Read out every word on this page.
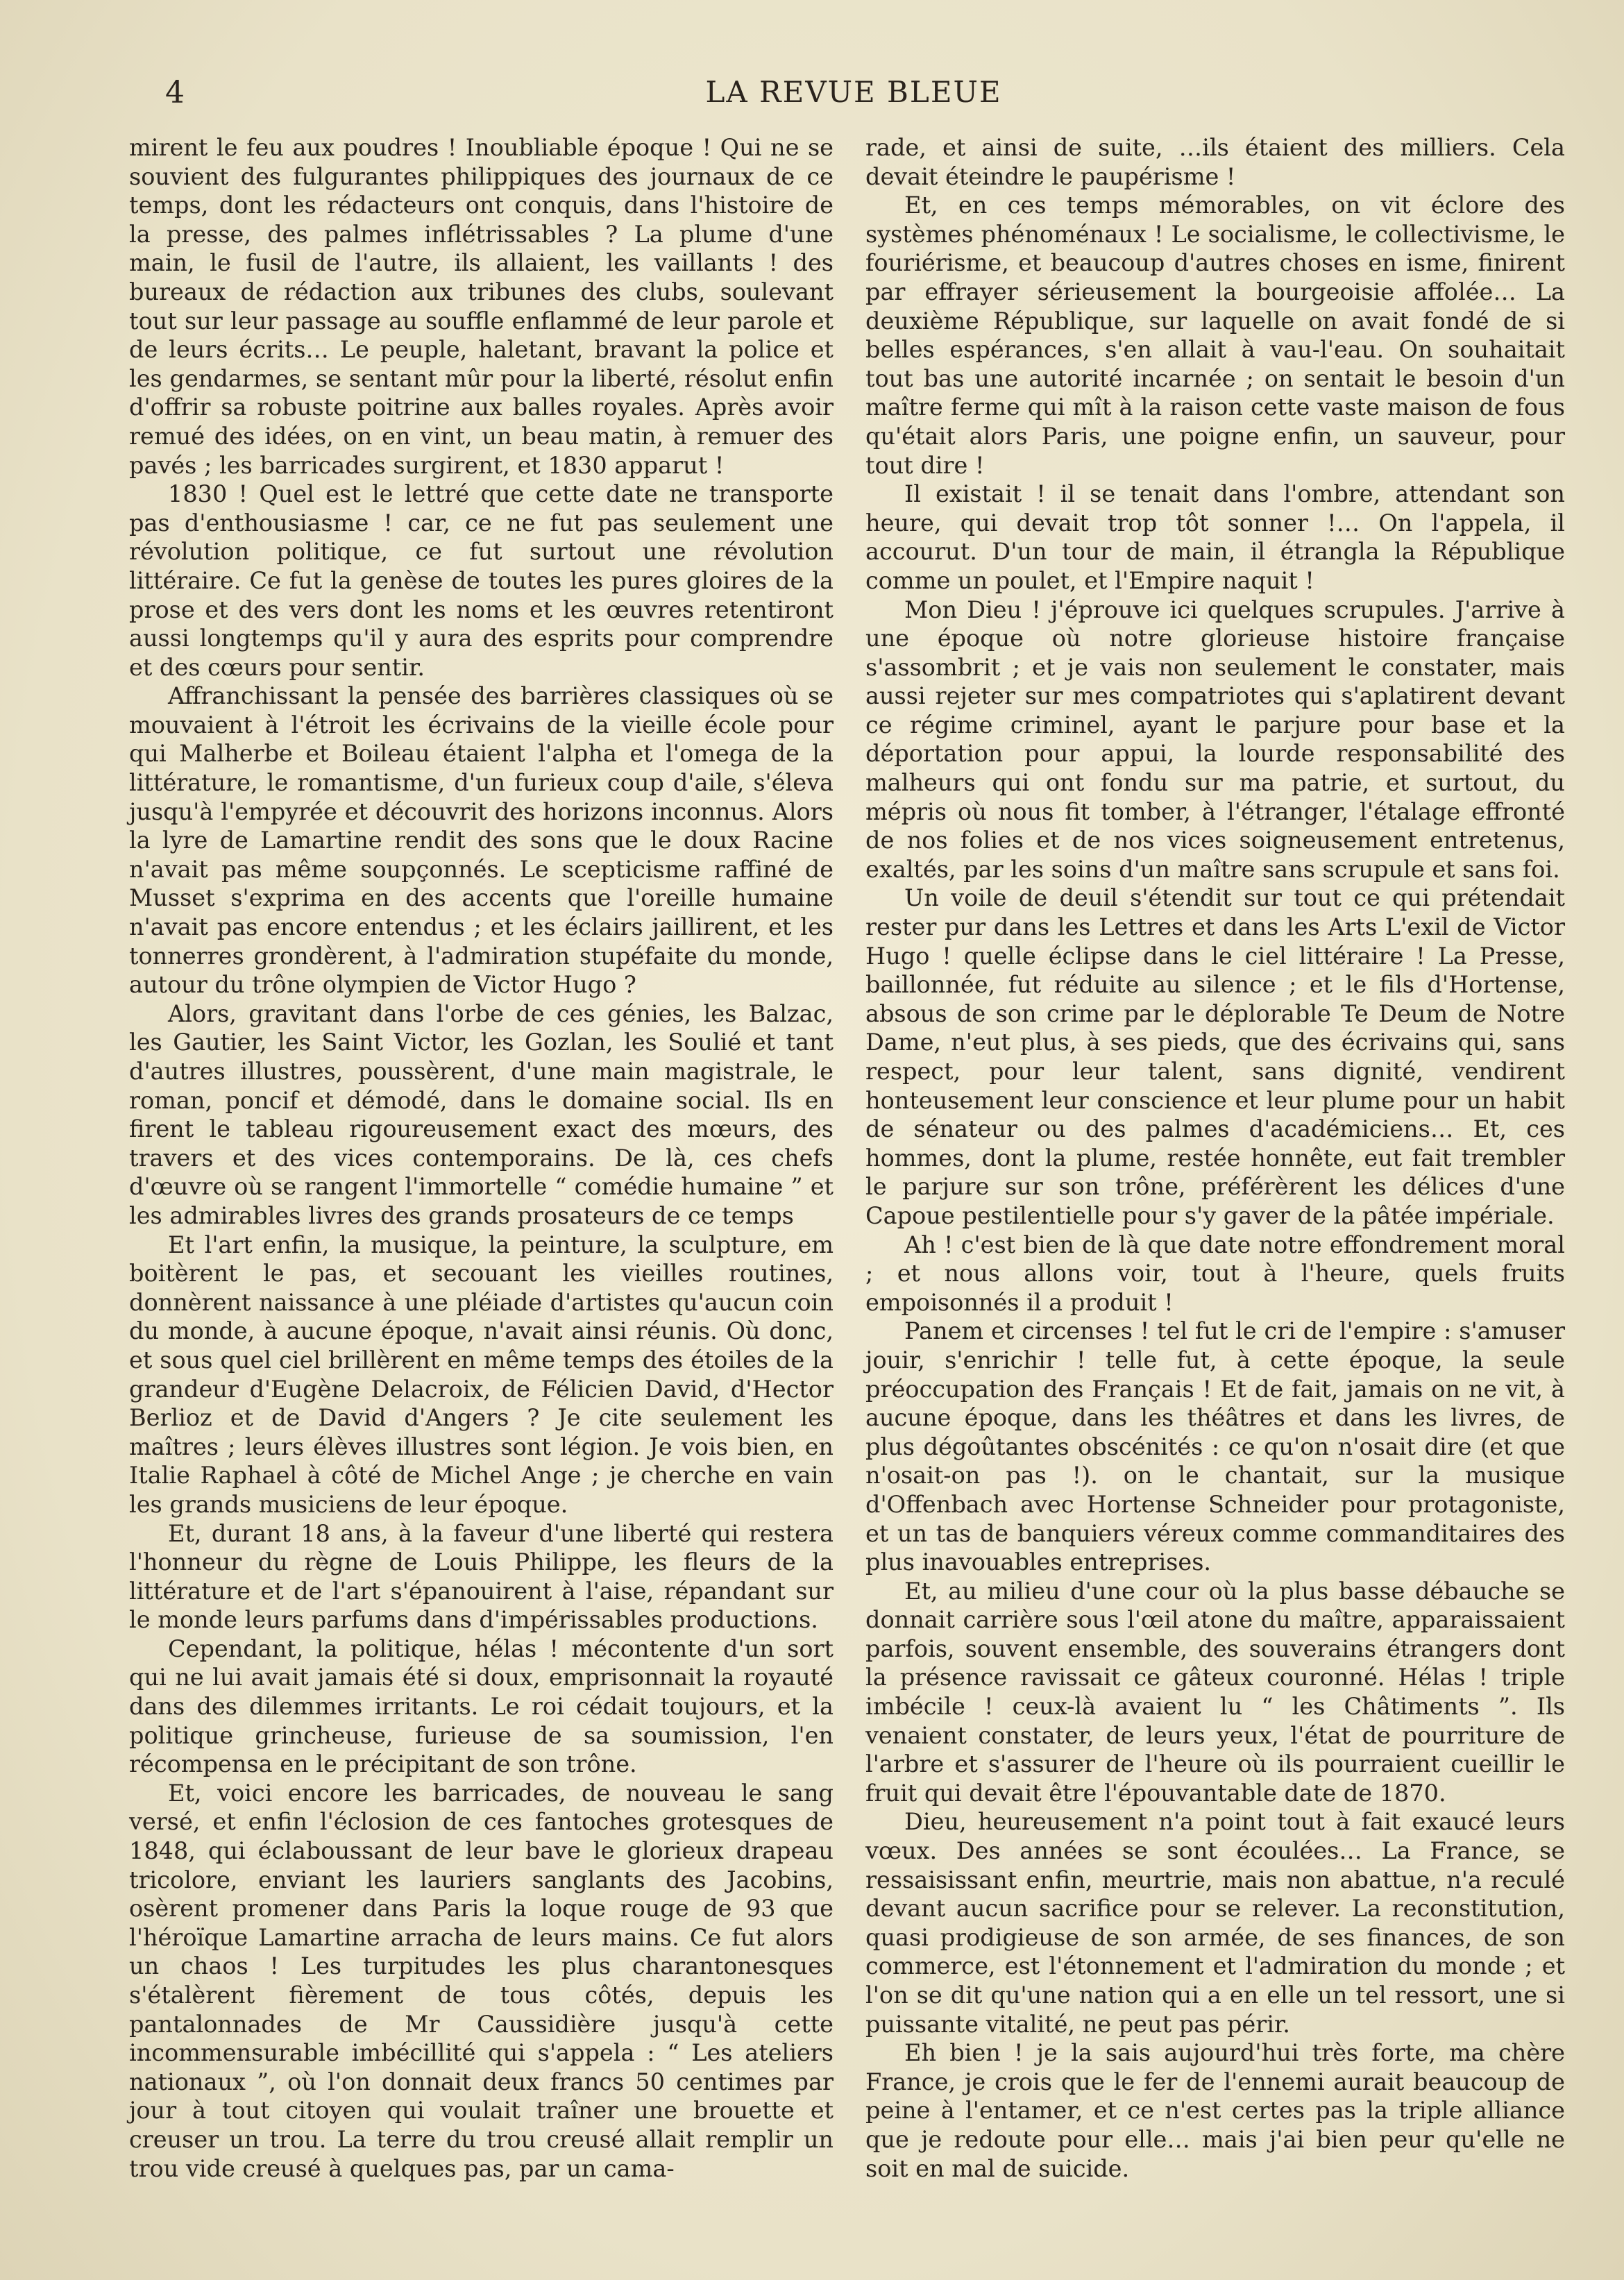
4	LA REVUE BLEUE

mirent le feu aux poudres ! Inoubliable époque ! Qui ne se souvient des fulgurantes philippiques des journaux de ce temps, dont les rédacteurs ont conquis, dans l'histoire de la presse, des palmes inflétrissables ? La plume d'une main, le fusil de l'autre, ils allaient, les vaillants ! des bureaux de rédaction aux tribunes des clubs, soulevant tout sur leur passage au souffle enflammé de leur parole et de leurs écrits… Le peuple, haletant, bravant la police et les gendarmes, se sentant mûr pour la liberté, résolut enfin d'offrir sa robuste poitrine aux balles royales. Après avoir remué des idées, on en vint, un beau matin, à remuer des pavés ; les barricades surgirent, et 1830 apparut !

1830 ! Quel est le lettré que cette date ne transporte pas d'enthousiasme ! car, ce ne fut pas seulement une révolution politique, ce fut surtout une révolution littéraire. Ce fut la genèse de toutes les pures gloires de la prose et des vers dont les noms et les œuvres retentiront aussi longtemps qu'il y aura des esprits pour comprendre et des cœurs pour sentir.

Affranchissant la pensée des barrières classiques où se mouvaient à l'étroit les écrivains de la vieille école pour qui Malherbe et Boileau étaient l'alpha et l'omega de la littérature, le romantisme, d'un furieux coup d'aile, s'éleva jusqu'à l'empyrée et découvrit des horizons inconnus. Alors la lyre de Lamartine rendit des sons que le doux Racine n'avait pas même soupçonnés. Le scepticisme raffiné de Musset s'exprima en des accents que l'oreille humaine n'avait pas encore entendus ; et les éclairs jaillirent, et les tonnerres grondèrent, à l'admiration stupéfaite du monde, autour du trône olympien de Victor Hugo ?

Alors, gravitant dans l'orbe de ces génies, les Balzac, les Gautier, les Saint Victor, les Gozlan, les Soulié et tant d'autres illustres, poussèrent, d'une main magistrale, le roman, poncif et démodé, dans le domaine social. Ils en firent le tableau rigoureusement exact des mœurs, des travers et des vices contemporains. De là, ces chefs d'œuvre où se rangent l'immortelle “ comédie humaine ” et les admirables livres des grands prosateurs de ce temps

Et l'art enfin, la musique, la peinture, la sculpture, em boitèrent le pas, et secouant les vieilles routines, donnèrent naissance à une pléiade d'artistes qu'aucun coin du monde, à aucune époque, n'avait ainsi réunis. Où donc, et sous quel ciel brillèrent en même temps des étoiles de la grandeur d'Eugène Delacroix, de Félicien David, d'Hector Berlioz et de David d'Angers ? Je cite seulement les maîtres ; leurs élèves illustres sont légion. Je vois bien, en Italie Raphael à côté de Michel Ange ; je cherche en vain les grands musiciens de leur époque.

Et, durant 18 ans, à la faveur d'une liberté qui restera l'honneur du règne de Louis Philippe, les fleurs de la littérature et de l'art s'épanouirent à l'aise, répandant sur le monde leurs parfums dans d'impérissables productions.

Cependant, la politique, hélas ! mécontente d'un sort qui ne lui avait jamais été si doux, emprisonnait la royauté dans des dilemmes irritants. Le roi cédait toujours, et la politique grincheuse, furieuse de sa soumission, l'en récompensa en le précipitant de son trône.

Et, voici encore les barricades, de nouveau le sang versé, et enfin l'éclosion de ces fantoches grotesques de 1848, qui éclaboussant de leur bave le glorieux drapeau tricolore, enviant les lauriers sanglants des Jacobins, osèrent promener dans Paris la loque rouge de 93 que l'héroïque Lamartine arracha de leurs mains. Ce fut alors un chaos ! Les turpitudes les plus charantonesques s'étalèrent fièrement de tous côtés, depuis les pantalonnades de Mr Caussidière jusqu'à cette incommensurable imbécillité qui s'appela : “ Les ateliers nationaux ”, où l'on donnait deux francs 50 centimes par jour à tout citoyen qui voulait traîner une brouette et creuser un trou. La terre du trou creusé allait remplir un trou vide creusé à quelques pas, par un cama-

rade, et ainsi de suite, …ils étaient des milliers. Cela devait éteindre le paupérisme !

Et, en ces temps mémorables, on vit éclore des systèmes phénoménaux ! Le socialisme, le collectivisme, le fouriérisme, et beaucoup d'autres choses en isme, finirent par effrayer sérieusement la bourgeoisie affolée… La deuxième République, sur laquelle on avait fondé de si belles espérances, s'en allait à vau-l'eau. On souhaitait tout bas une autorité incarnée ; on sentait le besoin d'un maître ferme qui mît à la raison cette vaste maison de fous qu'était alors Paris, une poigne enfin, un sauveur, pour tout dire !

Il existait ! il se tenait dans l'ombre, attendant son heure, qui devait trop tôt sonner !… On l'appela, il accourut. D'un tour de main, il étrangla la République comme un poulet, et l'Empire naquit !

Mon Dieu ! j'éprouve ici quelques scrupules. J'arrive à une époque où notre glorieuse histoire française s'assombrit ; et je vais non seulement le constater, mais aussi rejeter sur mes compatriotes qui s'aplatirent devant ce régime criminel, ayant le parjure pour base et la déportation pour appui, la lourde responsabilité des malheurs qui ont fondu sur ma patrie, et surtout, du mépris où nous fit tomber, à l'étranger, l'étalage effronté de nos folies et de nos vices soigneusement entretenus, exaltés, par les soins d'un maître sans scrupule et sans foi.

Un voile de deuil s'étendit sur tout ce qui prétendait rester pur dans les Lettres et dans les Arts L'exil de Victor Hugo ! quelle éclipse dans le ciel littéraire ! La Presse, baillonnée, fut réduite au silence ; et le fils d'Hortense, absous de son crime par le déplorable Te Deum de Notre Dame, n'eut plus, à ses pieds, que des écrivains qui, sans respect, pour leur talent, sans dignité, vendirent honteusement leur conscience et leur plume pour un habit de sénateur ou des palmes d'académiciens… Et, ces hommes, dont la plume, restée honnête, eut fait trembler le parjure sur son trône, préférèrent les délices d'une Capoue pestilentielle pour s'y gaver de la pâtée impériale.

Ah ! c'est bien de là que date notre effondrement moral ; et nous allons voir, tout à l'heure, quels fruits empoisonnés il a produit !

Panem et circenses ! tel fut le cri de l'empire : s'amuser jouir, s'enrichir ! telle fut, à cette époque, la seule préoccupation des Français ! Et de fait, jamais on ne vit, à aucune époque, dans les théâtres et dans les livres, de plus dégoûtantes obscénités : ce qu'on n'osait dire (et que n'osait-on pas !). on le chantait, sur la musique d'Offenbach avec Hortense Schneider pour protagoniste, et un tas de banquiers véreux comme commanditaires des plus inavouables entreprises.

Et, au milieu d'une cour où la plus basse débauche se donnait carrière sous l'œil atone du maître, apparaissaient parfois, souvent ensemble, des souverains étrangers dont la présence ravissait ce gâteux couronné. Hélas ! triple imbécile ! ceux-là avaient lu “ les Châtiments ”. Ils venaient constater, de leurs yeux, l'état de pourriture de l'arbre et s'assurer de l'heure où ils pourraient cueillir le fruit qui devait être l'épouvantable date de 1870.

Dieu, heureusement n'a point tout à fait exaucé leurs vœux. Des années se sont écoulées… La France, se ressaisissant enfin, meurtrie, mais non abattue, n'a reculé devant aucun sacrifice pour se relever. La reconstitution, quasi prodigieuse de son armée, de ses finances, de son commerce, est l'étonnement et l'admiration du monde ; et l'on se dit qu'une nation qui a en elle un tel ressort, une si puissante vitalité, ne peut pas périr.

Eh bien ! je la sais aujourd'hui très forte, ma chère France, je crois que le fer de l'ennemi aurait beaucoup de peine à l'entamer, et ce n'est certes pas la triple alliance que je redoute pour elle… mais j'ai bien peur qu'elle ne soit en mal de suicide.
